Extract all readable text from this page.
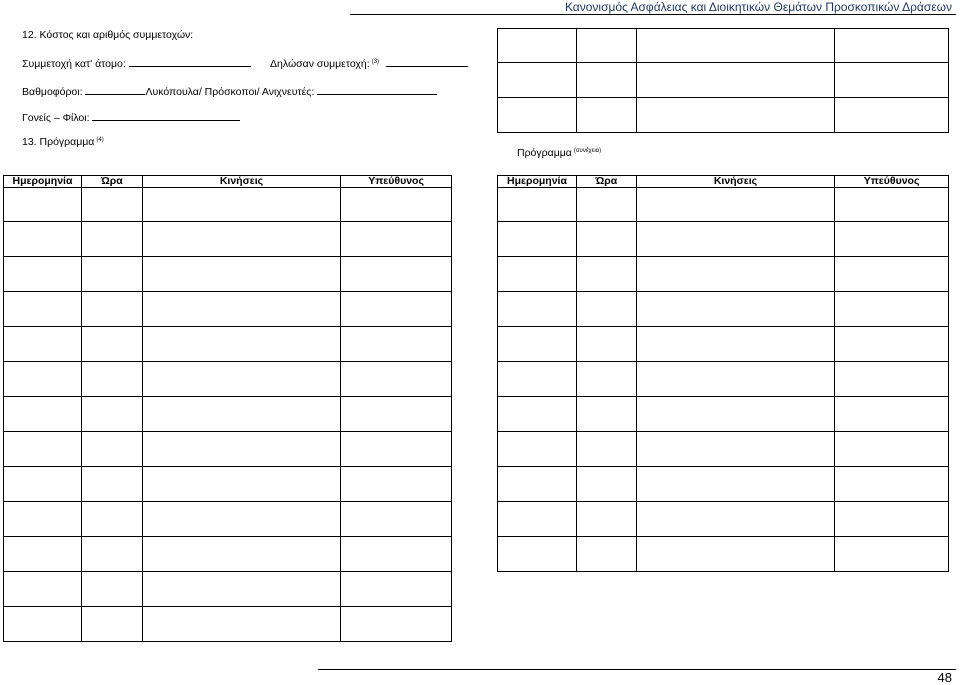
Κανονισμός Ασφάλειας και Διοικητικών Θεμάτων Προσκοπικών Δράσεων
12. Κόστος και αριθμός συμμετοχών:
Συμμετοχή κατ' άτομο:	Δηλώσαν συμμετοχή: $^{(3)}$
Βαθμοφόροι:	Λυκόπουλα/ Πρόσκοποι/ Ανιχνευτές:
Γονείς – Φίλοι:
13. Πρόγραμμα $^{(4)}$
Πρόγραμμα $^{(\sigma\upsilon\nu έ\chi\varepsilon\iota\alpha)}$

Ημερομηνία	Ώρα	Κινήσεις	Υπεύθυνος

				Ημερομηνία	Ώρα	Κινήσεις	Υπεύθυνος

48
